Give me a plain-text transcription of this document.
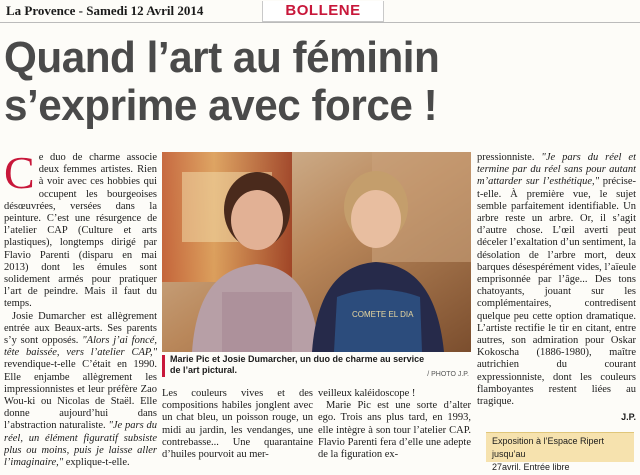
La Provence - Samedi 12 Avril 2014	BOLLENE
Quand l’art au féminin
s’exprime avec force !

Ce duo de charme associe deux femmes artistes. Rien à voir avec ces hobbies qui occupent les bourgeoises désœuvrées, versées dans la peinture. C’est une résurgence de l’atelier CAP (Culture et arts plastiques), longtemps dirigé par Flavio Parenti (disparu en mai 2013) dont les émules sont solidement armés pour pratiquer l’art de peindre. Mais il faut du temps.

Josie Dumarcher est allègrement entrée aux Beaux-arts. Ses parents s’y sont opposés. "Alors j’ai foncé, tête baissée, vers l’atelier CAP," revendique-t-elle C’était en 1990. Elle enjambe allègrement les impressionnistes et leur préfère Zao Wou-ki ou Nicolas de Staël. Elle donne aujourd’hui dans l’abstraction naturaliste. "Je pars du réel, un élément figuratif subsiste plus ou moins, puis je laisse aller l’imaginaire," explique-t-elle.

COMETE EL DIA
Marie Pic et Josie Dumarcher, un duo de charme au service de l’art pictural.	/ PHOTO J.P.

Les couleurs vives et des compositions habiles jonglent avec un chat bleu, un poisson rouge, un midi au jardin, les vendanges, une contrebasse... Une quarantaine d’huiles pourvoit au mer-

veilleux kaléidoscope !

Marie Pic est une sorte d’alter ego. Trois ans plus tard, en 1993, elle intègre à son tour l’atelier CAP. Flavio Parenti fera d’elle une adepte de la figuration ex-

pressionniste. "Je pars du réel et termine par du réel sans pour autant m’attarder sur l’esthétique," précise-t-elle. À première vue, le sujet semble parfaitement identifiable. Un arbre reste un arbre. Or, il s’agit d’autre chose. L’œil averti peut déceler l’exaltation d’un sentiment, la désolation de l’arbre mort, deux barques désespérément vides, l’aïeule emprisonnée par l’âge... Des tons chatoyants, jouant sur les complémentaires, contredisent quelque peu cette option dramatique. L’artiste rectifie le tir en citant, entre autres, son admiration pour Oskar Kokoscha (1886-1980), maître autrichien du courant expressionniste, dont les couleurs flamboyantes restent liées au tragique.

J.P.
Exposition à l’Espace Ripert jusqu’au
27avril. Entrée libre
